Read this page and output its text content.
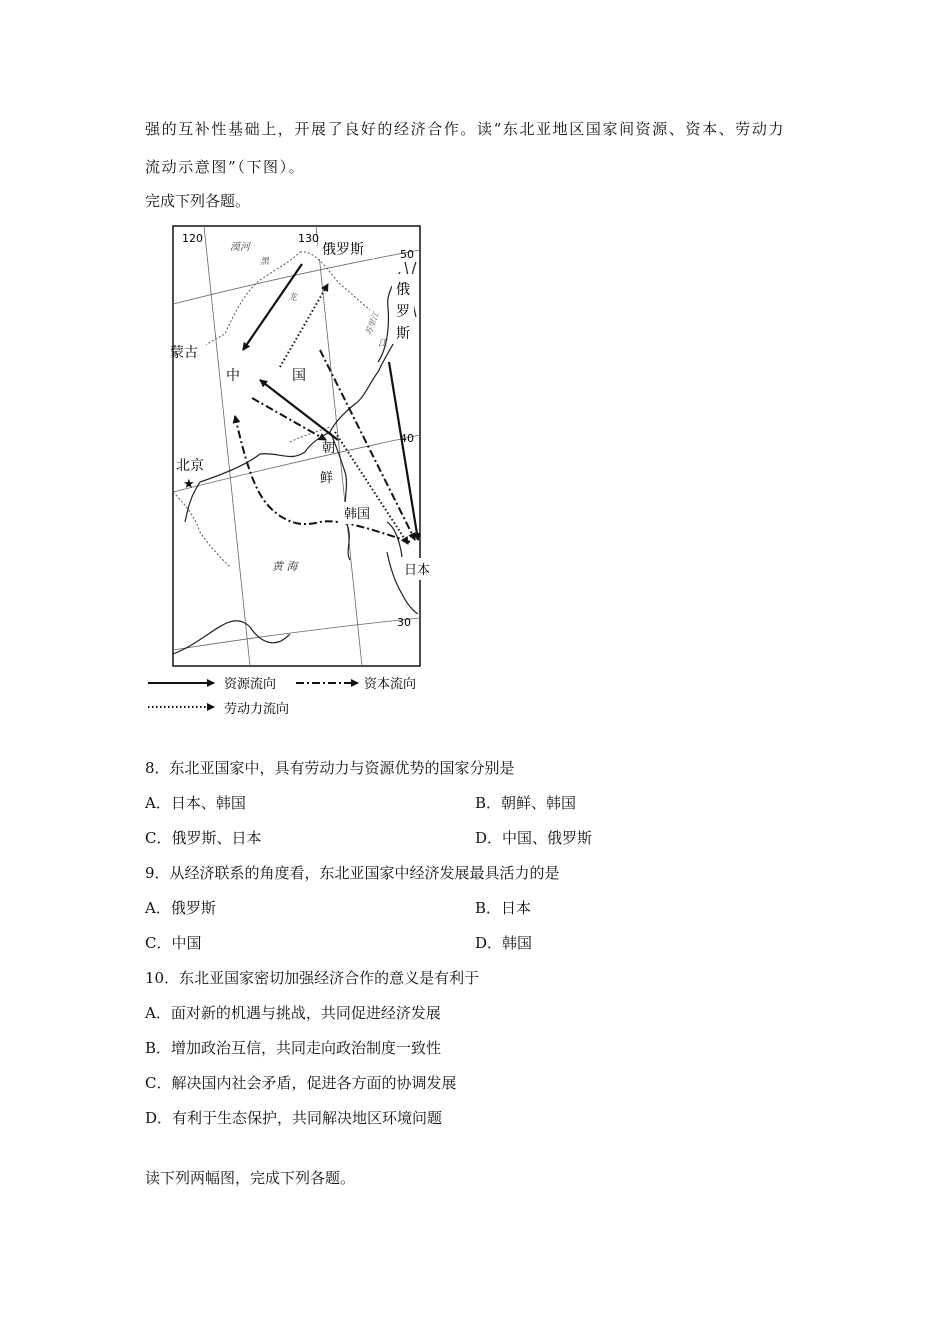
强的互补性基础上，开展了良好的经济合作。读“东北亚地区国家间资源、资本、劳动力
流动示意图”（下图）。
完成下列各题。
120	130
50
40
30
漠河
黑
龙
江
苏里江
俄罗斯
俄
罗
斯
蒙古
中	国
朝
鲜
韩国
北京
★
黄 海	日本
资源流向	资本流向
劳动力流向
8．东北亚国家中，具有劳动力与资源优势的国家分别是
A．日本、韩国	B．朝鲜、韩国
C．俄罗斯、日本	D．中国、俄罗斯
9．从经济联系的角度看，东北亚国家中经济发展最具活力的是
A．俄罗斯	B．日本
C．中国	D．韩国
10．东北亚国家密切加强经济合作的意义是有利于
A．面对新的机遇与挑战，共同促进经济发展
B．增加政治互信，共同走向政治制度一致性
C．解决国内社会矛盾，促进各方面的协调发展
D．有利于生态保护，共同解决地区环境问题
读下列两幅图，完成下列各题。
